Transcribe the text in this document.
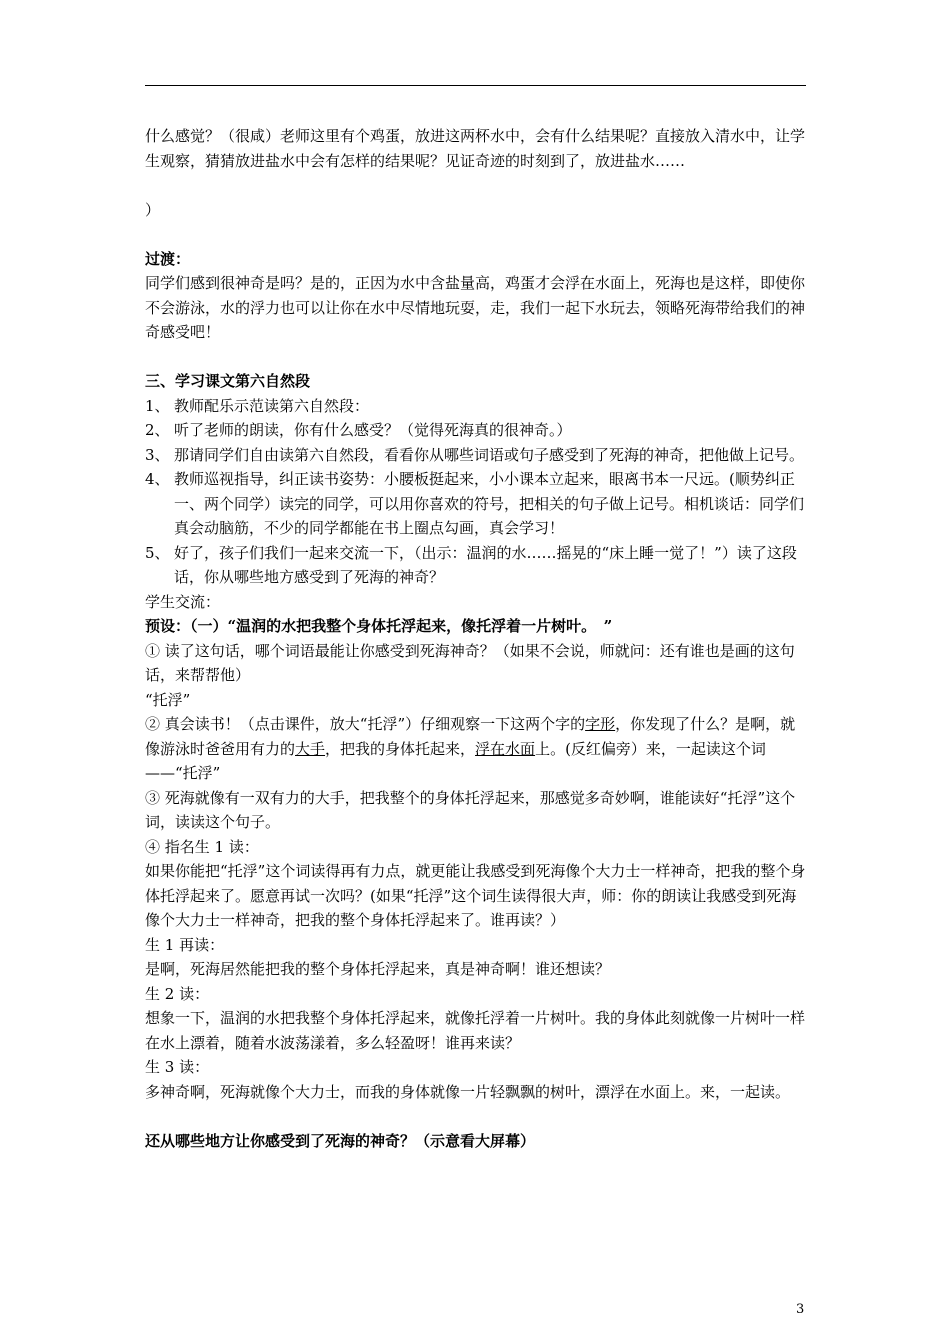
什么感觉？（很咸）老师这里有个鸡蛋，放进这两杯水中，会有什么结果呢？直接放入清水中，让学生观察，猜猜放进盐水中会有怎样的结果呢？见证奇迹的时刻到了，放进盐水……

）

过渡：

同学们感到很神奇是吗？是的，正因为水中含盐量高，鸡蛋才会浮在水面上，死海也是这样，即使你不会游泳，水的浮力也可以让你在水中尽情地玩耍，走，我们一起下水玩去，领略死海带给我们的神奇感受吧！

三、学习课文第六自然段

1、 教师配乐示范读第六自然段：
2、 听了老师的朗读，你有什么感受？（觉得死海真的很神奇。）
3、 那请同学们自由读第六自然段，看看你从哪些词语或句子感受到了死海的神奇，把他做上记号。
4、 教师巡视指导，纠正读书姿势：小腰板挺起来，小小课本立起来，眼离书本一尺远。(顺势纠正一、两个同学）读完的同学，可以用你喜欢的符号，把相关的句子做上记号。相机谈话：同学们真会动脑筋，不少的同学都能在书上圈点勾画，真会学习！
5、 好了，孩子们我们一起来交流一下，（出示：温润的水……摇晃的“床上睡一觉了！”）读了这段话，你从哪些地方感受到了死海的神奇？

学生交流：

预设：（一）“温润的水把我整个身体托浮起来，像托浮着一片树叶。　”

① 读了这句话，哪个词语最能让你感受到死海神奇？（如果不会说，师就问：还有谁也是画的这句话，来帮帮他）

“托浮”

② 真会读书！（点击课件，放大“托浮”）仔细观察一下这两个字的字形，你发现了什么？是啊，就像游泳时爸爸用有力的大手，把我的身体托起来，浮在水面上。(反红偏旁）来，一起读这个词——“托浮”

③ 死海就像有一双有力的大手，把我整个的身体托浮起来，那感觉多奇妙啊，谁能读好“托浮”这个词，读读这个句子。

④ 指名生 1 读：

如果你能把“托浮”这个词读得再有力点，就更能让我感受到死海像个大力士一样神奇，把我的整个身体托浮起来了。愿意再试一次吗？(如果“托浮”这个词生读得很大声，师：你的朗读让我感受到死海像个大力士一样神奇，把我的整个身体托浮起来了。谁再读？）

生 1 再读：

是啊，死海居然能把我的整个身体托浮起来，真是神奇啊！谁还想读？

生 2 读：

想象一下，温润的水把我整个身体托浮起来，就像托浮着一片树叶。我的身体此刻就像一片树叶一样在水上漂着，随着水波荡漾着，多么轻盈呀！谁再来读？

生 3 读：

多神奇啊，死海就像个大力士，而我的身体就像一片轻飘飘的树叶，漂浮在水面上。来，一起读。

还从哪些地方让你感受到了死海的神奇？（示意看大屏幕）

3
